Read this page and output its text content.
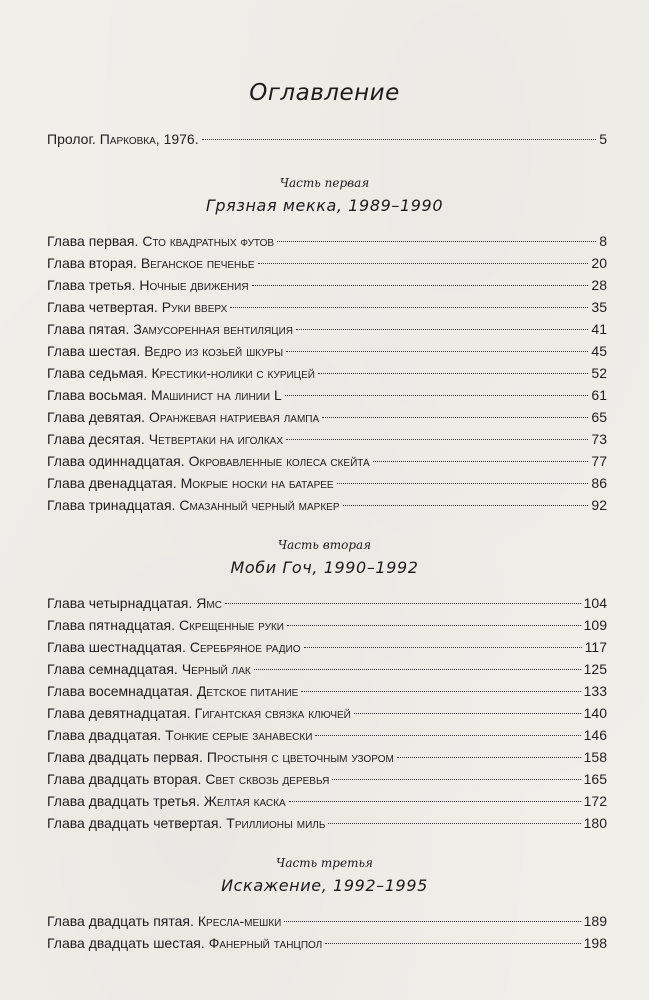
Оглавление
Пролог. Парковка, 1976.	5
Часть первая
Грязная мекка, 1989–1990
Глава первая. Сто квадратных футов	8
Глава вторая. Веганское печенье	20
Глава третья. Ночные движения	28
Глава четвертая. Руки вверх	35
Глава пятая. Замусоренная вентиляция	41
Глава шестая. Ведро из козьей шкуры	45
Глава седьмая. Крестики-нолики с курицей	52
Глава восьмая. Машинист на линии L	61
Глава девятая. Оранжевая натриевая лампа	65
Глава десятая. Четвертаки на иголках	73
Глава одиннадцатая. Окровавленные колеса скейта	77
Глава двенадцатая. Мокрые носки на батарее	86
Глава тринадцатая. Смазанный черный маркер	92
Часть вторая
Моби Гоч, 1990–1992
Глава четырнадцатая. Ямс	104
Глава пятнадцатая. Скрещенные руки	109
Глава шестнадцатая. Серебряное радио	117
Глава семнадцатая. Черный лак	125
Глава восемнадцатая. Детское питание	133
Глава девятнадцатая. Гигантская связка ключей	140
Глава двадцатая. Тонкие серые занавески	146
Глава двадцать первая. Простыня с цветочным узором	158
Глава двадцать вторая. Свет сквозь деревья	165
Глава двадцать третья. Желтая каска	172
Глава двадцать четвертая. Триллионы миль	180
Часть третья
Искажение, 1992–1995
Глава двадцать пятая. Кресла-мешки	189
Глава двадцать шестая. Фанерный танцпол	198
